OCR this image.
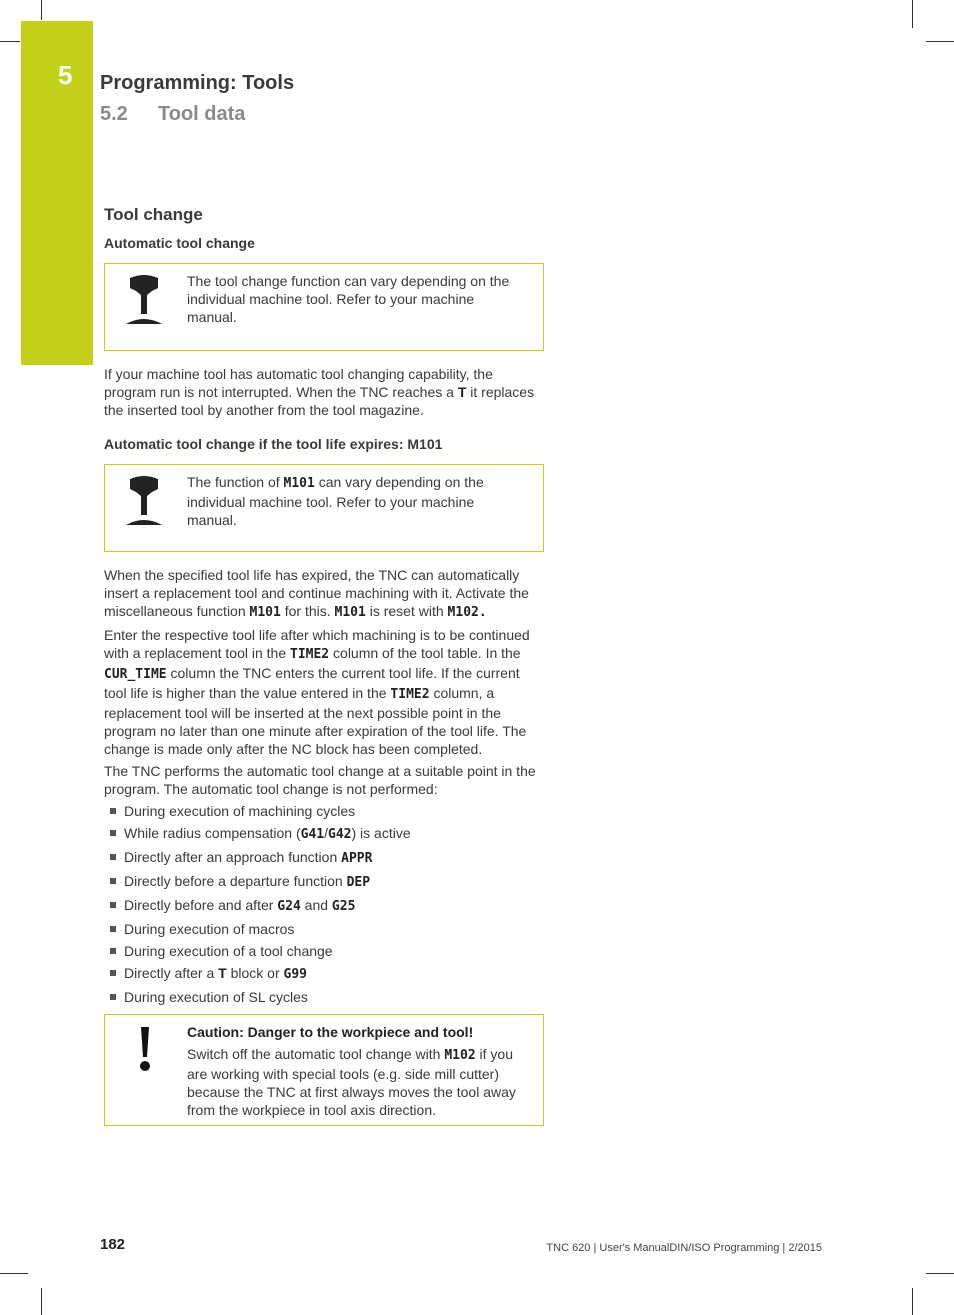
5 Programming: Tools
5.2 Tool data
Tool change
Automatic tool change

The tool change function can vary depending on the individual machine tool. Refer to your machine manual.

If your machine tool has automatic tool changing capability, the program run is not interrupted. When the TNC reaches a T it replaces the inserted tool by another from the tool magazine.

Automatic tool change if the tool life expires: M101

The function of M101 can vary depending on the individual machine tool. Refer to your machine manual.

When the specified tool life has expired, the TNC can automatically insert a replacement tool and continue machining with it. Activate the miscellaneous function M101 for this. M101 is reset with M102.

Enter the respective tool life after which machining is to be continued with a replacement tool in the TIME2 column of the tool table. In the CUR_TIME column the TNC enters the current tool life. If the current tool life is higher than the value entered in the TIME2 column, a replacement tool will be inserted at the next possible point in the program no later than one minute after expiration of the tool life. The change is made only after the NC block has been completed.

The TNC performs the automatic tool change at a suitable point in the program. The automatic tool change is not performed:

During execution of machining cycles
While radius compensation (G41/G42) is active
Directly after an approach function APPR
Directly before a departure function DEP
Directly before and after G24 and G25
During execution of macros
During execution of a tool change
Directly after a T block or G99
During execution of SL cycles

Caution: Danger to the workpiece and tool!

Switch off the automatic tool change with M102 if you are working with special tools (e.g. side mill cutter) because the TNC at first always moves the tool away from the workpiece in tool axis direction.

182	TNC 620 | User's ManualDIN/ISO Programming | 2/2015
